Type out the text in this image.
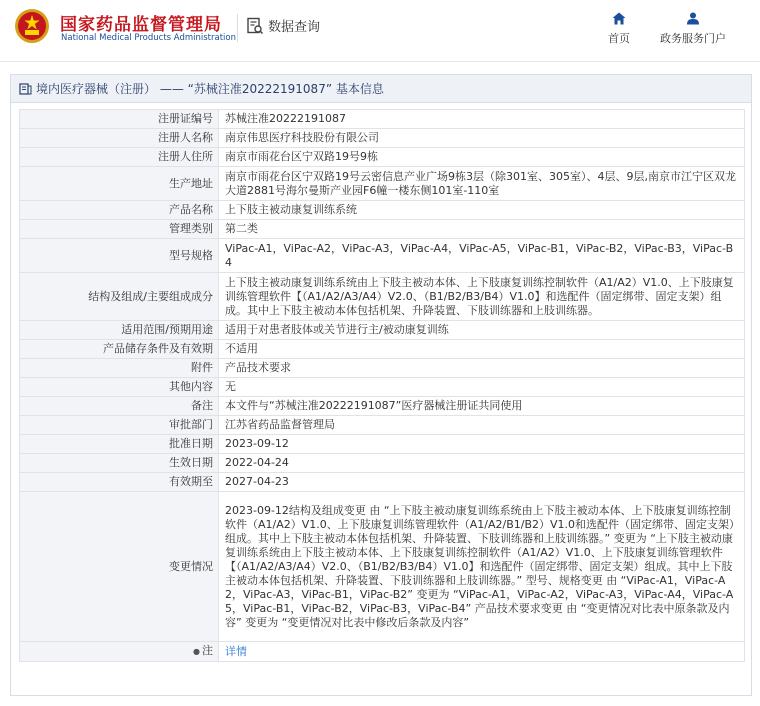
国家药品监督管理局
National Medical Products Administration
数据查询
首页	政务服务门户
境内医疗器械（注册） —— “苏械注准20222191087” 基本信息
注册证编号	苏械注准20222191087
注册人名称	南京伟思医疗科技股份有限公司
注册人住所	南京市雨花台区宁双路19号9栋
生产地址	南京市雨花台区宁双路19号云密信息产业广场9栋3层（除301室、305室）、4层、9层,南京市江宁区双龙大道2881号海尔曼斯产业园F6幢一楼东侧101室-110室
产品名称	上下肢主被动康复训练系统
管理类别	第二类
型号规格	ViPac-A1，ViPac-A2，ViPac-A3，ViPac-A4，ViPac-A5，ViPac-B1，ViPac-B2，ViPac-B3，ViPac-B4
结构及组成/主要组成成分	上下肢主被动康复训练系统由上下肢主被动本体、上下肢康复训练控制软件（A1/A2）V1.0、上下肢康复训练管理软件【（A1/A2/A3/A4）V2.0、（B1/B2/B3/B4）V1.0】和选配件（固定绑带、固定支架）组成。其中上下肢主被动本体包括机架、升降装置、下肢训练器和上肢训练器。
适用范围/预期用途	适用于对患者肢体或关节进行主/被动康复训练
产品储存条件及有效期	不适用
附件	产品技术要求
其他内容	无
备注	本文件与“苏械注准20222191087”医疗器械注册证共同使用
审批部门	江苏省药品监督管理局
批准日期	2023-09-12
生效日期	2022-04-24
有效期至	2027-04-23
变更情况	2023-09-12结构及组成变更 由 “上下肢主被动康复训练系统由上下肢主被动本体、上下肢康复训练控制软件（A1/A2）V1.0、上下肢康复训练管理软件（A1/A2/B1/B2）V1.0和选配件（固定绑带、固定支架）组成。其中上下肢主被动本体包括机架、升降装置、下肢训练器和上肢训练器。” 变更为 “上下肢主被动康复训练系统由上下肢主被动本体、上下肢康复训练控制软件（A1/A2）V1.0、上下肢康复训练管理软件【（A1/A2/A3/A4）V2.0、（B1/B2/B3/B4）V1.0】和选配件（固定绑带、固定支架）组成。其中上下肢主被动本体包括机架、升降装置、下肢训练器和上肢训练器。” 型号、规格变更 由 “ViPac-A1，ViPac-A2，ViPac-A3，ViPac-B1，ViPac-B2” 变更为 “ViPac-A1，ViPac-A2，ViPac-A3，ViPac-A4，ViPac-A5，ViPac-B1，ViPac-B2，ViPac-B3，ViPac-B4” 产品技术要求变更 由 “变更情况对比表中原条款及内容” 变更为 “变更情况对比表中修改后条款及内容”
● 注	详情
